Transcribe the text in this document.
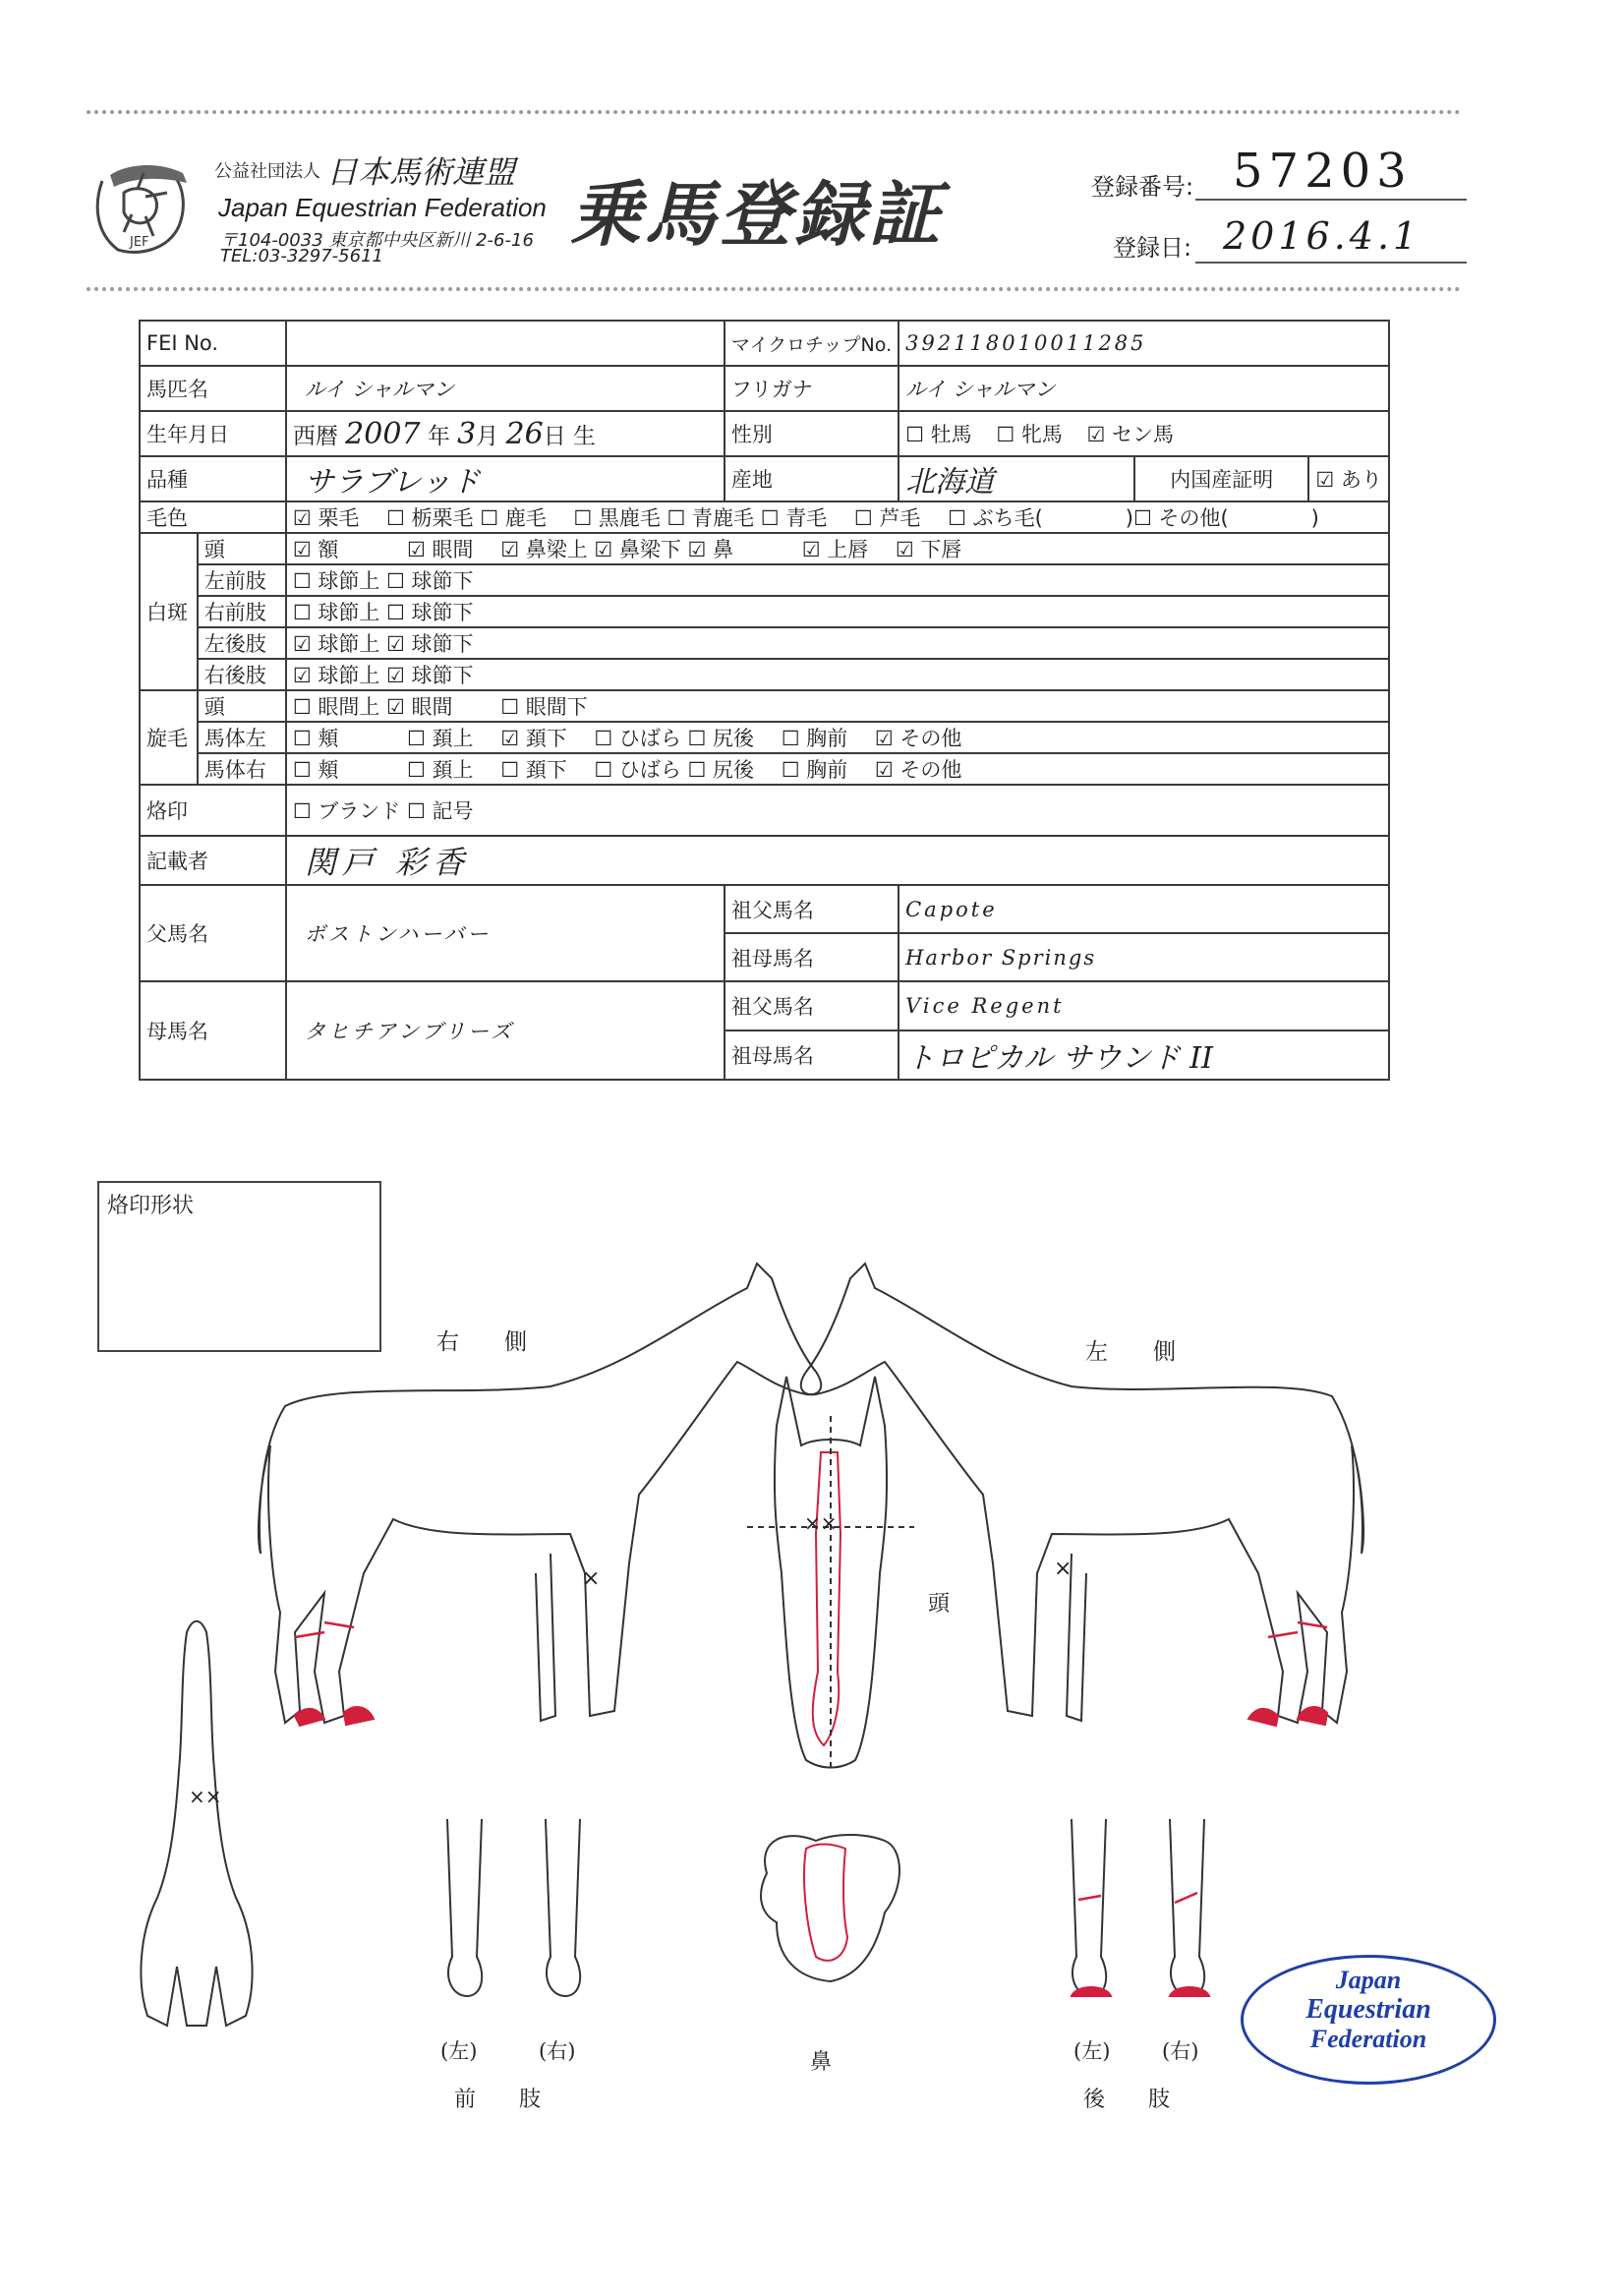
JEF
公益社団法人 日本馬術連盟
Japan Equestrian Federation
〒104-0033 東京都中央区新川 2-6-16
TEL:03-3297-5611
乗馬登録証	登録番号: 57203
登録日: 2016.4.1
FEI No.			マイクロチップNo.	392118010011285		
馬匹名		ルイ シャルマン	フリガナ	ルイ シャルマン		
生年月日		西暦 2007 年 3月 26日 生	性別	☐ 牡馬 ☐ 牝馬 ☑ セン馬		
品種		サラブレッド	産地	北海道	内国産証明	☑ あり
毛色		☑ 栗毛　 ☐ 栃栗毛 ☐ 鹿毛　 ☐ 黒鹿毛 ☐ 青鹿毛 ☐ 青毛　 ☐ 芦毛　 ☐ ぶち毛(　　　　)☐ その他(　　　　)				
白斑	頭	☑ 額　　　 ☑ 眼間　 ☑ 鼻梁上 ☑ 鼻梁下 ☑ 鼻　　　 ☑ 上唇　 ☑ 下唇				
	左前肢	☐ 球節上 ☐ 球節下				
	右前肢	☐ 球節上 ☐ 球節下				
	左後肢	☑ 球節上 ☑ 球節下				
	右後肢	☑ 球節上 ☑ 球節下				
旋毛	頭	☐ 眼間上 ☑ 眼間　　 ☐ 眼間下				
	馬体左	☐ 頬　　　 ☐ 頚上　 ☑ 頚下　 ☐ ひばら ☐ 尻後　 ☐ 胸前　 ☑ その他				
	馬体右	☐ 頬　　　 ☐ 頚上　 ☐ 頚下　 ☐ ひばら ☐ 尻後　 ☐ 胸前　 ☑ その他				
烙印		☐ ブランド ☐ 記号				
記載者		関戸 彩香				
父馬名		ボストンハーバー	祖父馬名	Capote		
			祖母馬名	Harbor Springs		
母馬名		タヒチアンブリーズ	祖父馬名	Vice Regent		
			祖母馬名	トロピカル サウンド II		
烙印形状
右　　側	左　　側
頭
鼻
(左)	(右)
前　　肢
(左)	(右)
後　　肢
×	×
××
××
Japan
Equestrian
Federation
